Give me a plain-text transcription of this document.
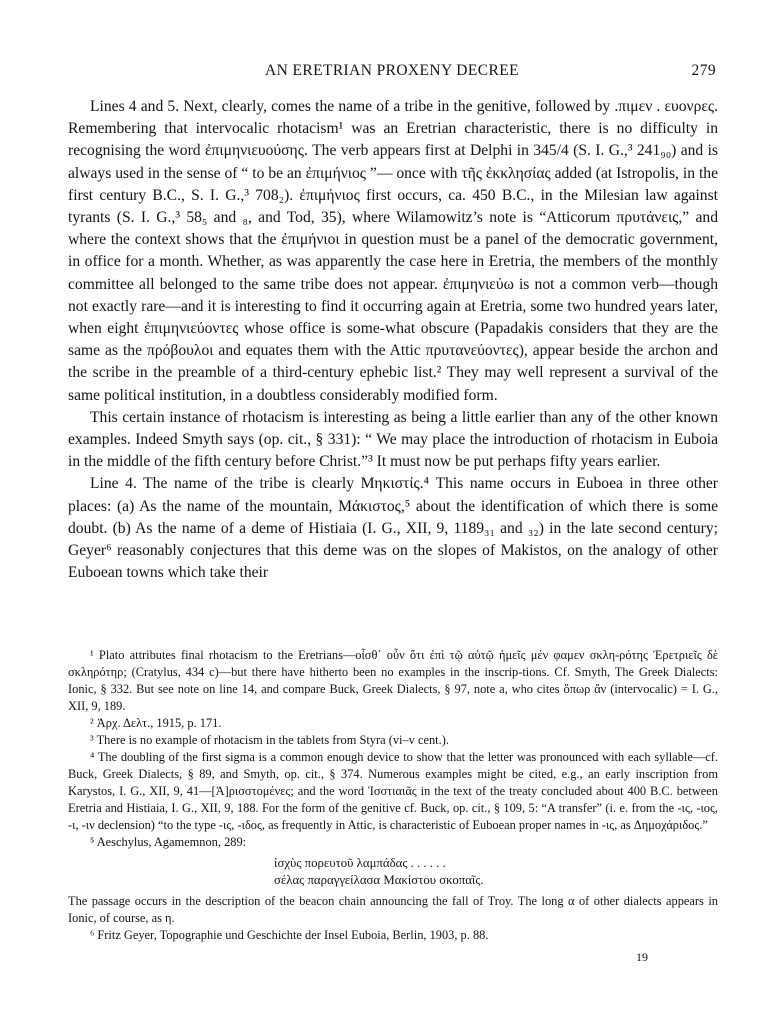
AN ERETRIAN PROXENY DECREE	279

Lines 4 and 5. Next, clearly, comes the name of a tribe in the genitive, followed by .πιμεν . ευονρες. Remembering that intervocalic rhotacism¹ was an Eretrian characteristic, there is no difficulty in recognising the word ἐπιμηνιευούσης. The verb appears first at Delphi in 345/4 (S. I. G.,³ 241₉₀) and is always used in the sense of “ to be an ἐπιμήνιος ”— once with τῆς ἐκκλησίας added (at Istropolis, in the first century B.C., S. I. G.,³ 708₂). ἐπιμήνιος first occurs, ca. 450 B.C., in the Milesian law against tyrants (S. I. G.,³ 58₅ and ₈, and Tod, 35), where Wilamowitz’s note is “Atticorum πρυτάνεις,” and where the context shows that the ἐπιμήνιοι in question must be a panel of the democratic government, in office for a month. Whether, as was apparently the case here in Eretria, the members of the monthly committee all belonged to the same tribe does not appear. ἐπιμηνιεύω is not a common verb—though not exactly rare—and it is interesting to find it occurring again at Eretria, some two hundred years later, when eight ἐπιμηνιεύοντες whose office is some-what obscure (Papadakis considers that they are the same as the πρόβουλοι and equates them with the Attic πρυτανεύοντες), appear beside the archon and the scribe in the preamble of a third-century ephebic list.² They may well represent a survival of the same political institution, in a doubtless considerably modified form.

This certain instance of rhotacism is interesting as being a little earlier than any of the other known examples. Indeed Smyth says (op. cit., § 331): “ We may place the introduction of rhotacism in Euboia in the middle of the fifth century before Christ.”³ It must now be put perhaps fifty years earlier.

Line 4. The name of the tribe is clearly Μηκιστίς.⁴ This name occurs in Euboea in three other places: (a) As the name of the mountain, Μάκιστος,⁵ about the identification of which there is some doubt. (b) As the name of a deme of Histiaia (I. G., XII, 9, 1189₃₁ and ₃₂) in the late second century; Geyer⁶ reasonably conjectures that this deme was on the slopes of Makistos, on the analogy of other Euboean towns which take their

¹ Plato attributes final rhotacism to the Eretrians—οἶσθ᾽ οὖν ὅτι ἐπὶ τῷ αὐτῷ ἡμεῖς μέν φαμεν σκλη-ρότης Ἐρετριεῖς δὲ σκληρότηρ; (Cratylus, 434 c)—but there have hitherto been no examples in the inscrip-tions. Cf. Smyth, The Greek Dialects: Ionic, § 332. But see note on line 14, and compare Buck, Greek Dialects, § 97, note a, who cites ὅπωρ ἄν (intervocalic) = I. G., XII, 9, 189.

² Ἀρχ. Δελτ., 1915, p. 171.

³ There is no example of rhotacism in the tablets from Styra (vi–v cent.).

⁴ The doubling of the first sigma is a common enough device to show that the letter was pronounced with each syllable—cf. Buck, Greek Dialects, § 89, and Smyth, op. cit., § 374. Numerous examples might be cited, e.g., an early inscription from Karystos, I. G., XII, 9, 41—[Ἀ]ρισστομένες; and the word Ἱσστιαιᾶς in the text of the treaty concluded about 400 B.C. between Eretria and Histiaia, I. G., XII, 9, 188. For the form of the genitive cf. Buck, op. cit., § 109, 5: “A transfer” (i. e. from the -ις, -ιος, -ι, -ιν declension) “to the type -ις, -ιδος, as frequently in Attic, is characteristic of Euboean proper names in -ις, as Δημοχάριδος.”

⁵ Aeschylus, Agamemnon, 289:

ἰσχὺς πορευτοῦ λαμπάδας . . . . . .
σέλας παραγγείλασα Μακίστου σκοπαῖς.

The passage occurs in the description of the beacon chain announcing the fall of Troy. The long α of other dialects appears in Ionic, of course, as η.

⁶ Fritz Geyer, Topographie und Geschichte der Insel Euboia, Berlin, 1903, p. 88.

19
